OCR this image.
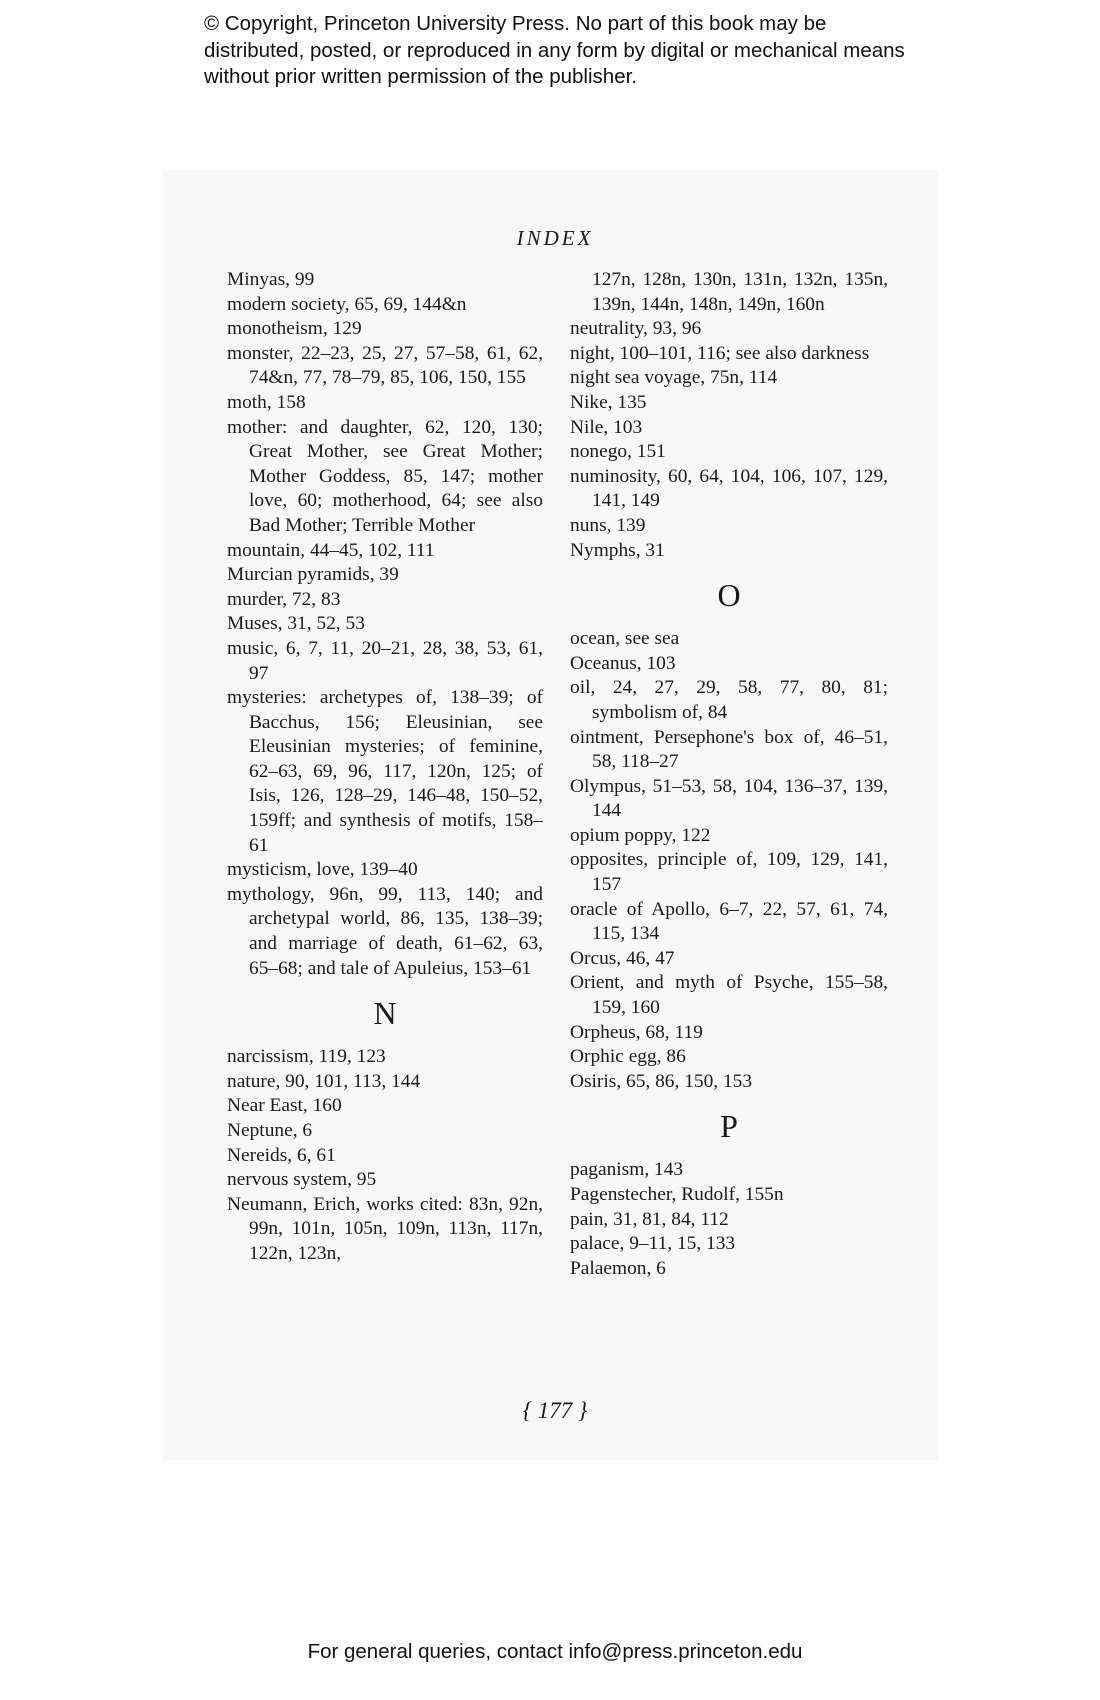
© Copyright, Princeton University Press. No part of this book may be distributed, posted, or reproduced in any form by digital or mechanical means without prior written permission of the publisher.
INDEX
Minyas, 99
modern society, 65, 69, 144&n
monotheism, 129
monster, 22–23, 25, 27, 57–58, 61, 62, 74&n, 77, 78–79, 85, 106, 150, 155
moth, 158
mother: and daughter, 62, 120, 130; Great Mother, see Great Mother; Mother Goddess, 85, 147; mother love, 60; motherhood, 64; see also Bad Mother; Terrible Mother
mountain, 44–45, 102, 111
Murcian pyramids, 39
murder, 72, 83
Muses, 31, 52, 53
music, 6, 7, 11, 20–21, 28, 38, 53, 61, 97
mysteries: archetypes of, 138–39; of Bacchus, 156; Eleusinian, see Eleusinian mysteries; of feminine, 62–63, 69, 96, 117, 120n, 125; of Isis, 126, 128–29, 146–48, 150–52, 159ff; and synthesis of motifs, 158–61
mysticism, love, 139–40
mythology, 96n, 99, 113, 140; and archetypal world, 86, 135, 138–39; and marriage of death, 61–62, 63, 65–68; and tale of Apuleius, 153–61
N
narcissism, 119, 123
nature, 90, 101, 113, 144
Near East, 160
Neptune, 6
Nereids, 6, 61
nervous system, 95
Neumann, Erich, works cited: 83n, 92n, 99n, 101n, 105n, 109n, 113n, 117n, 122n, 123n,
127n, 128n, 130n, 131n, 132n, 135n, 139n, 144n, 148n, 149n, 160n
neutrality, 93, 96
night, 100–101, 116; see also darkness
night sea voyage, 75n, 114
Nike, 135
Nile, 103
nonego, 151
numinosity, 60, 64, 104, 106, 107, 129, 141, 149
nuns, 139
Nymphs, 31
O
ocean, see sea
Oceanus, 103
oil, 24, 27, 29, 58, 77, 80, 81; symbolism of, 84
ointment, Persephone's box of, 46–51, 58, 118–27
Olympus, 51–53, 58, 104, 136–37, 139, 144
opium poppy, 122
opposites, principle of, 109, 129, 141, 157
oracle of Apollo, 6–7, 22, 57, 61, 74, 115, 134
Orcus, 46, 47
Orient, and myth of Psyche, 155–58, 159, 160
Orpheus, 68, 119
Orphic egg, 86
Osiris, 65, 86, 150, 153
P
paganism, 143
Pagenstecher, Rudolf, 155n
pain, 31, 81, 84, 112
palace, 9–11, 15, 133
Palaemon, 6
{ 177 }
For general queries, contact info@press.princeton.edu
